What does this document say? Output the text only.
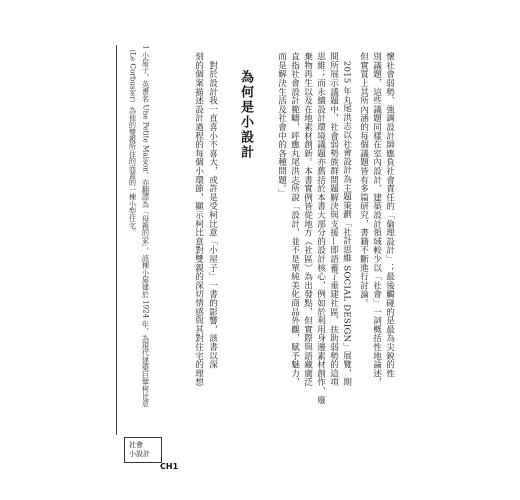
懷社會弱勢、強調設計師應負社會責任的「倫理設計」；最後觸碰的是最為尖銳的性
別議題，這些議題同樣在室內設計、建築設計領域較少以「社會」一詞概括性地論述，
但實質上其所內涵的每個議題皆有多篇研究，書籍不斷進行討論。
　2015 年丸尾洪志以社會設計為主題策劃「社計思維 SOCIAL DESIGN」展覽，期
間所展示議題中，社會弱勢族群問題解決與支援—即語蓄了重建社區、扶助弱勢的這項
思維；而永續設計環境議題亦舊括於本書大部分的設計核心，例如於利用身邊素材創作、廢
棄物再生以及在地素材創新。本書實例皆從地方（社區）為出發點，但實際與語藏廣泛
直指社會設計範疇，呼應丸尾洪志所說「設計，並不是單純美化商品外觀，賦予魅力，
而是解決生活及社會中的各種問題。」
為何是小設計
　對於設計我一直喜小不喜大，或許是受柯比意「小屋子」一書的影響，該書以深
刻的個案描述設計過程的每個小環節，顯示柯比意對雙親的深切情感與其對住宅的理想
1 小屋子，英書名 Une Petite Maison，亦翻譯為「母親的家」，該棟小屋建於 1924 年，為現代建築巨擘柯比意
（Le Corbusier）為他的雙親所住的而蓋的一棟小型住宅。
社會
小設計
CH1
